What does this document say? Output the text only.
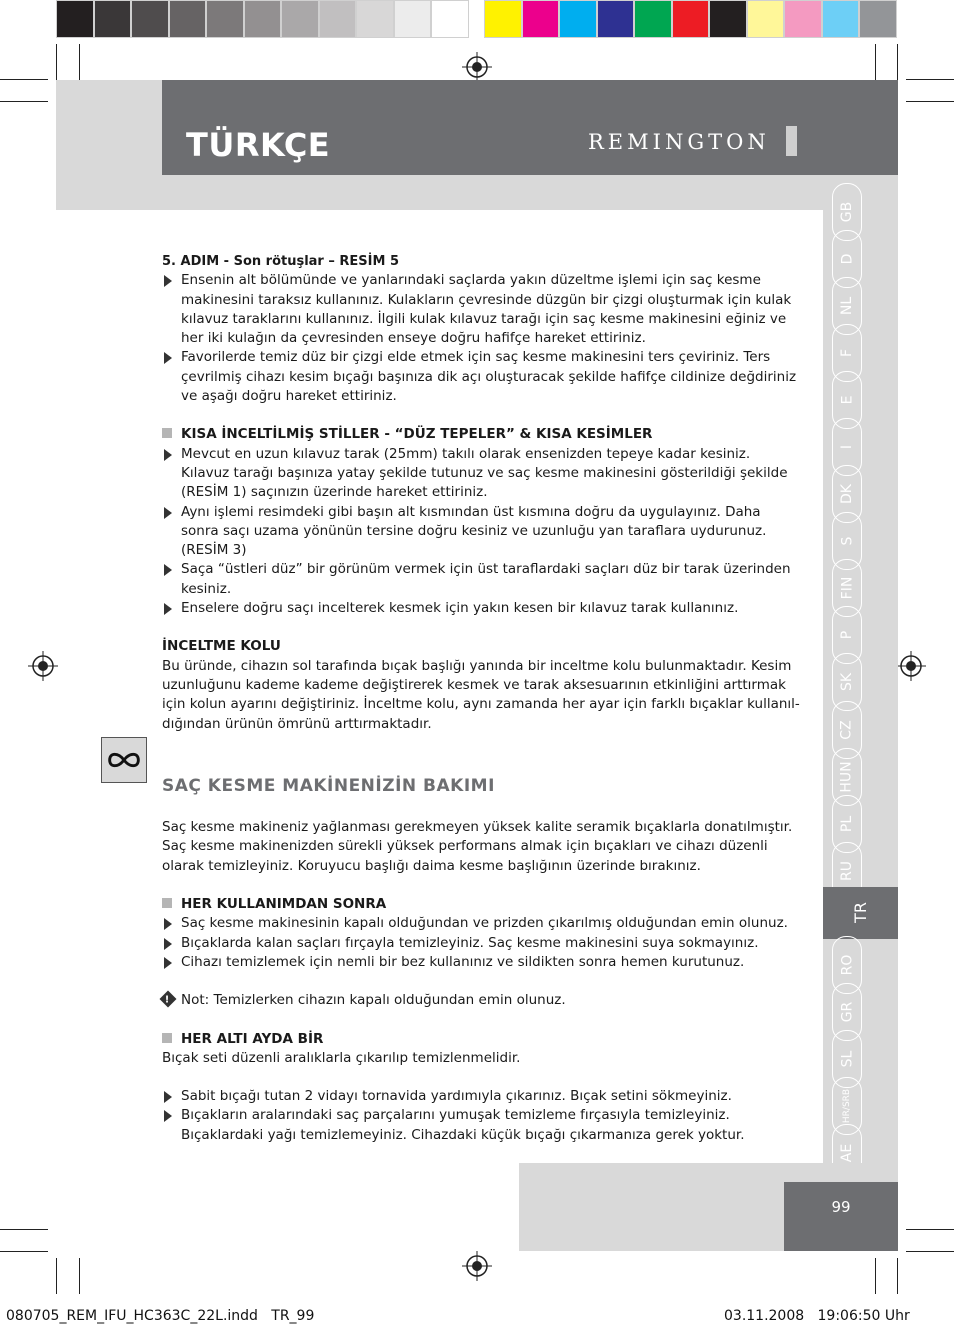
TÜRKÇE	REMINGTON
GB
D
NL
F
E
I
DK
S
FIN
P
SK
CZ
HUN
PL
RU
TR
RO
GR
SL
HR/SRB
AE

5. ADIM - Son rötuşlar – RESİM 5

Ensenin alt bölümünde ve yanlarındaki saçlarda yakın düzeltme işlemi için saç kesme makinesini taraksız kullanınız. Kulakların çevresinde düzgün bir çizgi oluşturmak için kulak kılavuz taraklarını kullanınız. İlgili kulak kılavuz tarağı için saç kesme makinesini eğiniz ve her iki kulağın da çevresinden enseye doğru hafifçe hareket ettiriniz.

Favorilerde temiz düz bir çizgi elde etmek için saç kesme makinesini ters çeviriniz. Ters çevrilmiş cihazı kesim bıçağı başınıza dik açı oluşturacak şekilde hafifçe cildinize değdiriniz ve aşağı doğru hareket ettiriniz.

KISA İNCELTİLMİŞ STİLLER - “DÜZ TEPELER” & KISA KESİMLER

Mevcut en uzun kılavuz tarak (25mm) takılı olarak ensenizden tepeye kadar kesiniz. Kılavuz tarağı başınıza yatay şekilde tutunuz ve saç kesme makinesini gösterildiği şekilde (RESİM 1) saçınızın üzerinde hareket ettiriniz.

Aynı işlemi resimdeki gibi başın alt kısmından üst kısmına doğru da uygulayınız. Daha sonra saçı uzama yönünün tersine doğru kesiniz ve uzunluğu yan taraflara uydurunuz. (RESİM 3)

Saça “üstleri düz” bir görünüm vermek için üst taraflardaki saçları düz bir tarak üzerinden kesiniz.

Enselere doğru saçı incelterek kesmek için yakın kesen bir kılavuz tarak kullanınız.

İNCELTME KOLU

Bu üründe, cihazın sol tarafında bıçak başlığı yanında bir inceltme kolu bulunmaktadır. Kesim uzunluğunu kademe kademe değiştirerek kesmek ve tarak aksesuarının etkinliğini arttırmak için kolun ayarını değiştiriniz. İnceltme kolu, aynı zamanda her ayar için farklı bıçaklar kullanıl-dığından ürünün ömrünü arttırmaktadır.

SAÇ KESME MAKİNENİZİN BAKIMI

Saç kesme makineniz yağlanması gerekmeyen yüksek kalite seramik bıçaklarla donatılmıştır. Saç kesme makinenizden sürekli yüksek performans almak için bıçakları ve cihazı düzenli olarak temizleyiniz. Koruyucu başlığı daima kesme başlığının üzerinde bırakınız.

HER KULLANIMDAN SONRA

Saç kesme makinesinin kapalı olduğundan ve prizden çıkarılmış olduğundan emin olunuz.

Bıçaklarda kalan saçları fırçayla temizleyiniz. Saç kesme makinesini suya sokmayınız.

Cihazı temizlemek için nemli bir bez kullanınız ve sildikten sonra hemen kurutunuz.

! Not: Temizlerken cihazın kapalı olduğundan emin olunuz.

HER ALTI AYDA BİR

Bıçak seti düzenli aralıklarla çıkarılıp temizlenmelidir.

Sabit bıçağı tutan 2 vidayı tornavida yardımıyla çıkarınız. Bıçak setini sökmeyiniz.

Bıçakların aralarındaki saç parçalarını yumuşak temizleme fırçasıyla temizleyiniz. Bıçaklardaki yağı temizlemeyiniz. Cihazdaki küçük bıçağı çıkarmanıza gerek yoktur.

99
080705_REM_IFU_HC363C_22L.indd   TR_99	03.11.2008   19:06:50 Uhr
